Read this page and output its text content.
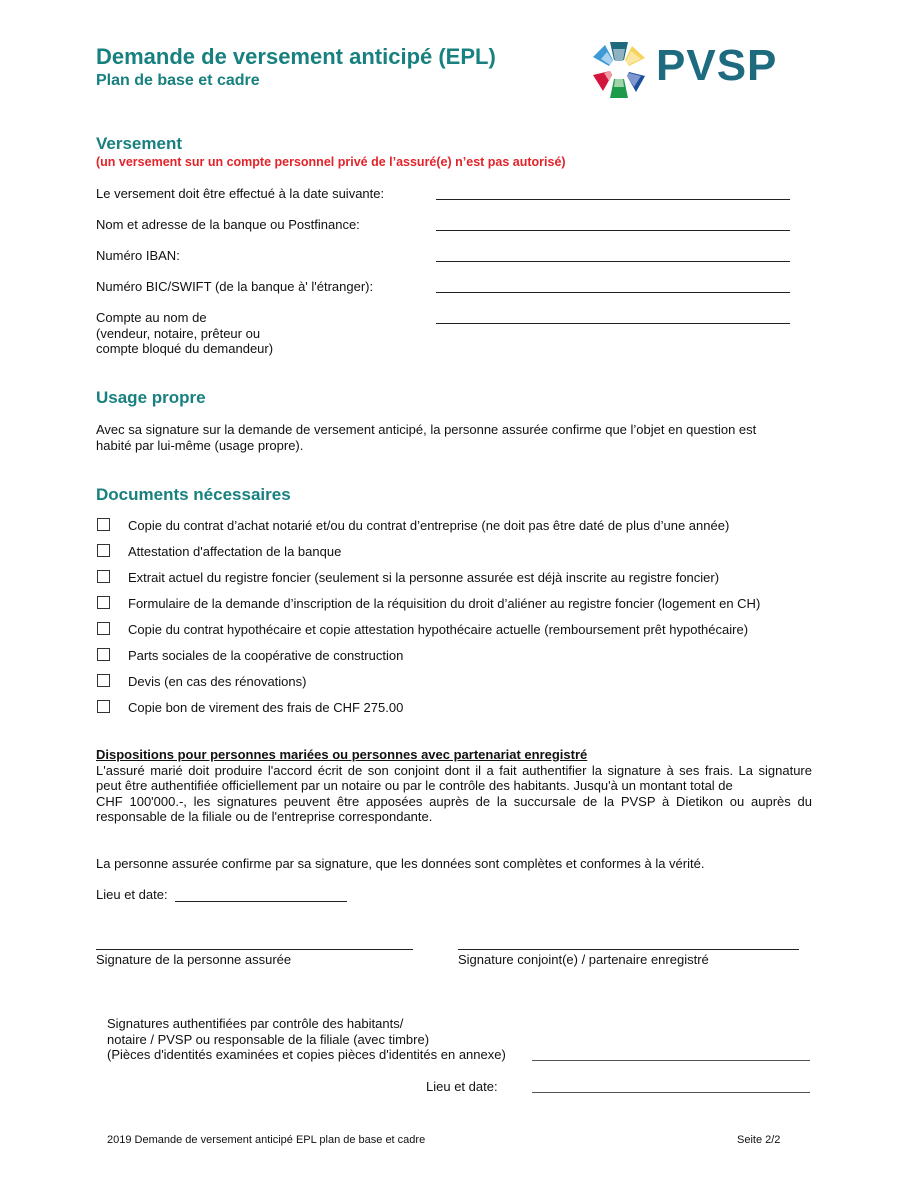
Demande de versement anticipé (EPL)
Plan de base et cadre	PVSP
Versement
(un versement sur un compte personnel privé de l’assuré(e) n’est pas autorisé)
Le versement doit être effectué à la date suivante:
Nom et adresse de la banque ou Postfinance:
Numéro IBAN:
Numéro BIC/SWIFT (de la banque à' l'étranger):
Compte au nom de
(vendeur, notaire, prêteur ou
compte bloqué du demandeur)
Usage propre
Avec sa signature sur la demande de versement anticipé, la personne assurée confirme que l’objet en question est
habité par lui-même (usage propre).
Documents nécessaires
Copie du contrat d’achat notarié et/ou du contrat d’entreprise (ne doit pas être daté de plus d’une année)
Attestation d'affectation de la banque
Extrait actuel du registre foncier (seulement si la personne assurée est déjà inscrite au registre foncier)
Formulaire de la demande d’inscription de la réquisition du droit d’aliéner au registre foncier (logement en CH)
Copie du contrat hypothécaire et copie attestation hypothécaire actuelle (remboursement prêt hypothécaire)
Parts sociales de la coopérative de construction
Devis (en cas des rénovations)
Copie bon de virement des frais de CHF 275.00
Dispositions pour personnes mariées ou personnes avec partenariat enregistré
L'assuré marié doit produire l'accord écrit de son conjoint dont il a fait authentifier la signature à ses frais. La signature
peut être authentifiée officiellement par un notaire ou par le contrôle des habitants. Jusqu'à un montant total de
CHF 100'000.-, les signatures peuvent être apposées auprès de la succursale de la PVSP à Dietikon ou auprès du
responsable de la filiale ou de l'entreprise correspondante.
La personne assurée confirme par sa signature, que les données sont complètes et conformes à la vérité.
Lieu et date:
Signature de la personne assurée	Signature conjoint(e) / partenaire enregistré
Signatures authentifiées par contrôle des habitants/
notaire / PVSP ou responsable de la filiale (avec timbre)
(Pièces d'identités examinées et copies pièces d'identités en annexe)
Lieu et date:
2019 Demande de versement anticipé EPL plan de base et cadre	Seite 2/2
